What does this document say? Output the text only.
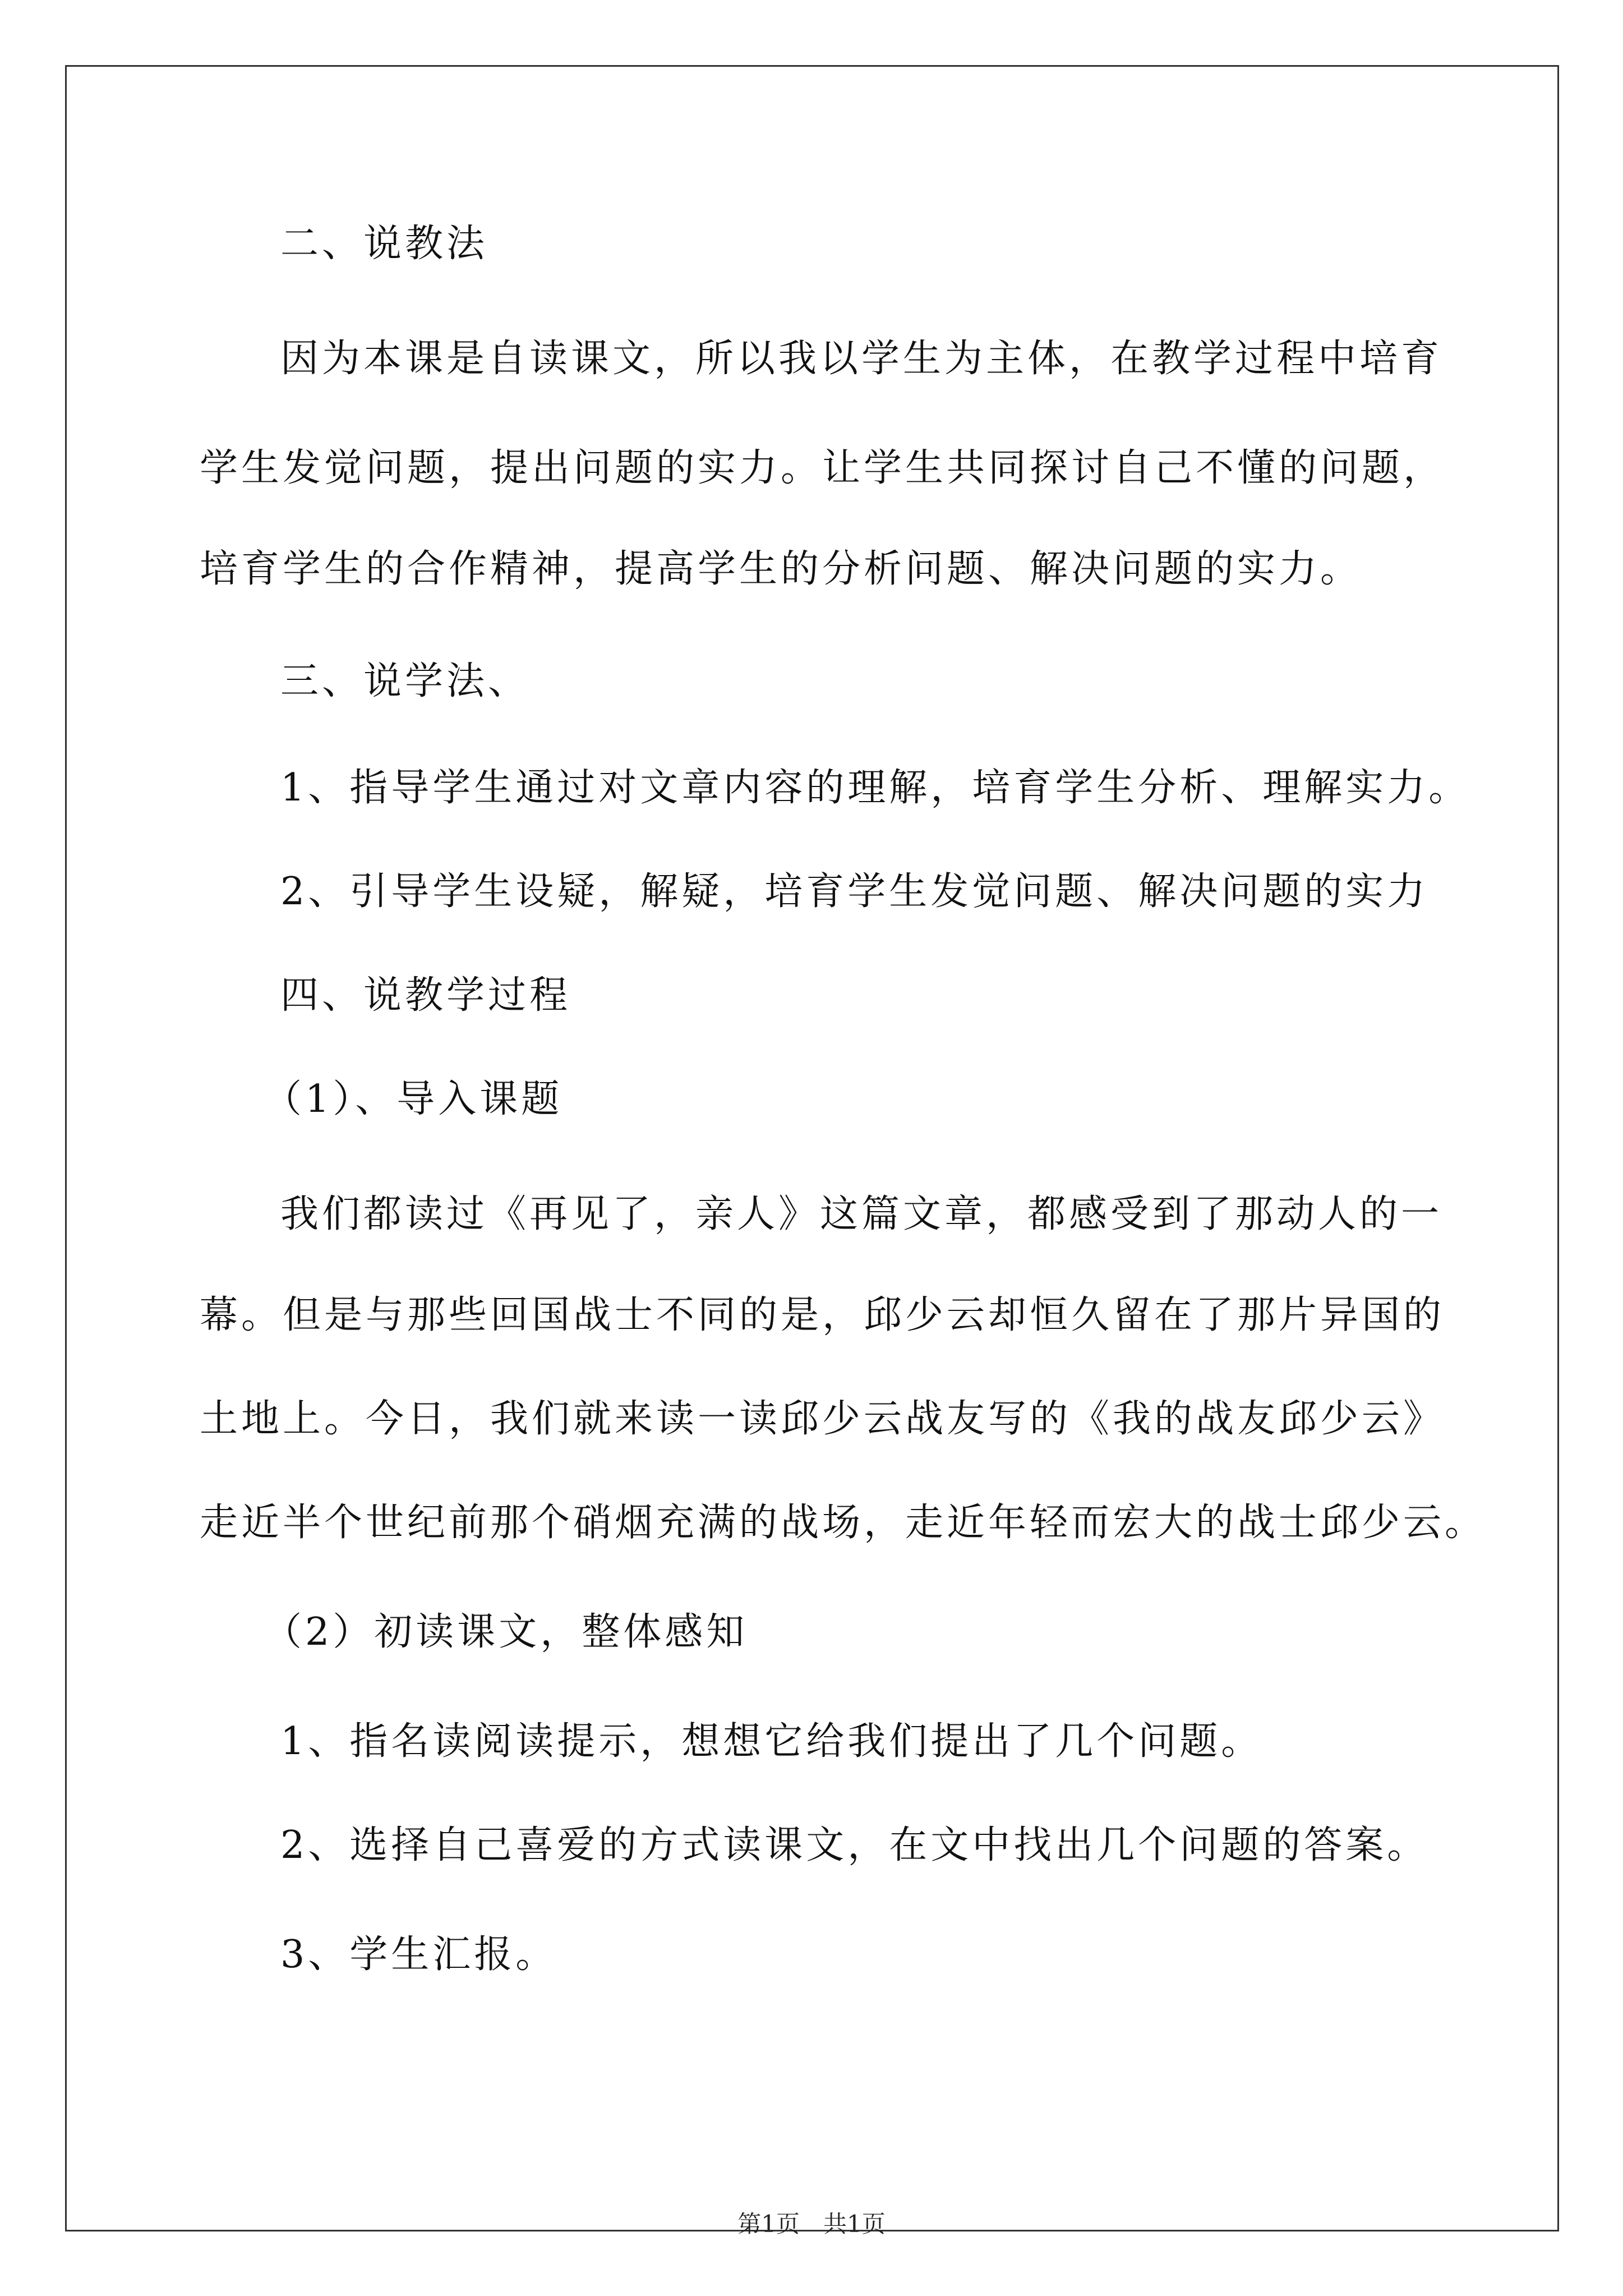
二、说教法
因为本课是自读课文，所以我以学生为主体，在教学过程中培育
学生发觉问题，提出问题的实力。让学生共同探讨自己不懂的问题，
培育学生的合作精神，提高学生的分析问题、解决问题的实力。
三、说学法、
1、指导学生通过对文章内容的理解，培育学生分析、理解实力。
2、引导学生设疑，解疑，培育学生发觉问题、解决问题的实力
四、说教学过程
（1）、导入课题
我们都读过《再见了，亲人》这篇文章，都感受到了那动人的一
幕。但是与那些回国战士不同的是，邱少云却恒久留在了那片异国的
土地上。今日，我们就来读一读邱少云战友写的《我的战友邱少云》
走近半个世纪前那个硝烟充满的战场，走近年轻而宏大的战士邱少云。
（2）初读课文，整体感知
1、指名读阅读提示，想想它给我们提出了几个问题。
2、选择自己喜爱的方式读课文，在文中找出几个问题的答案。
3、学生汇报。
第1页　共1页
